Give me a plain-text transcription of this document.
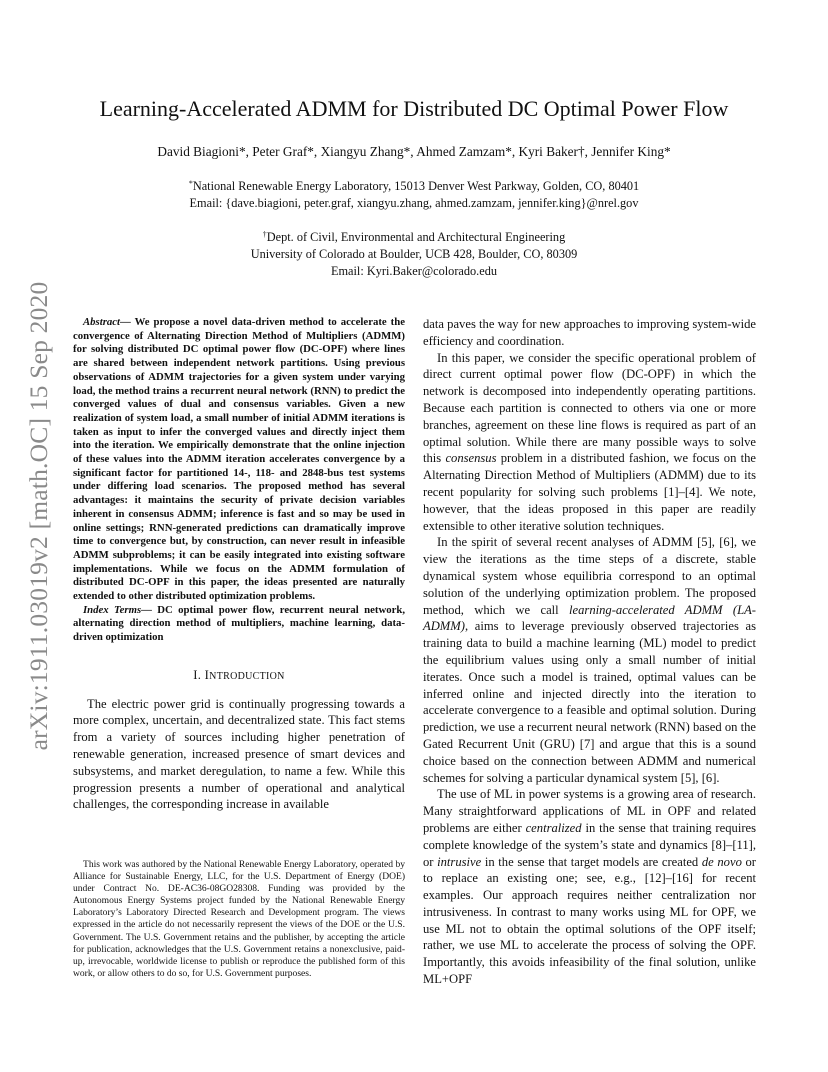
arXiv:1911.03019v2 [math.OC] 15 Sep 2020
Learning-Accelerated ADMM for Distributed DC Optimal Power Flow
David Biagioni*, Peter Graf*, Xiangyu Zhang*, Ahmed Zamzam*, Kyri Baker†, Jennifer King*
*National Renewable Energy Laboratory, 15013 Denver West Parkway, Golden, CO, 80401
Email: {dave.biagioni, peter.graf, xiangyu.zhang, ahmed.zamzam, jennifer.king}@nrel.gov
†Dept. of Civil, Environmental and Architectural Engineering
University of Colorado at Boulder, UCB 428, Boulder, CO, 80309
Email: Kyri.Baker@colorado.edu

Abstract— We propose a novel data-driven method to accelerate the convergence of Alternating Direction Method of Multipliers (ADMM) for solving distributed DC optimal power flow (DC-OPF) where lines are shared between independent network partitions. Using previous observations of ADMM trajectories for a given system under varying load, the method trains a recurrent neural network (RNN) to predict the converged values of dual and consensus variables. Given a new realization of system load, a small number of initial ADMM iterations is taken as input to infer the converged values and directly inject them into the iteration. We empirically demonstrate that the online injection of these values into the ADMM iteration accelerates convergence by a significant factor for partitioned 14-, 118- and 2848-bus test systems under differing load scenarios. The proposed method has several advantages: it maintains the security of private decision variables inherent in consensus ADMM; inference is fast and so may be used in online settings; RNN-generated predictions can dramatically improve time to convergence but, by construction, can never result in infeasible ADMM subproblems; it can be easily integrated into existing software implementations. While we focus on the ADMM formulation of distributed DC-OPF in this paper, the ideas presented are naturally extended to other distributed optimization problems.

Index Terms— DC optimal power flow, recurrent neural network, alternating direction method of multipliers, machine learning, data-driven optimization

I. INTRODUCTION

The electric power grid is continually progressing towards a more complex, uncertain, and decentralized state. This fact stems from a variety of sources including higher penetration of renewable generation, increased presence of smart devices and subsystems, and market deregulation, to name a few. While this progression presents a number of operational and analytical challenges, the corresponding increase in available

This work was authored by the National Renewable Energy Laboratory, operated by Alliance for Sustainable Energy, LLC, for the U.S. Department of Energy (DOE) under Contract No. DE-AC36-08GO28308. Funding was provided by the Autonomous Energy Systems project funded by the National Renewable Energy Laboratory’s Laboratory Directed Research and Development program. The views expressed in the article do not necessarily represent the views of the DOE or the U.S. Government. The U.S. Government retains and the publisher, by accepting the article for publication, acknowledges that the U.S. Government retains a nonexclusive, paid-up, irrevocable, worldwide license to publish or reproduce the published form of this work, or allow others to do so, for U.S. Government purposes.

data paves the way for new approaches to improving system-wide efficiency and coordination.

In this paper, we consider the specific operational problem of direct current optimal power flow (DC-OPF) in which the network is decomposed into independently operating partitions. Because each partition is connected to others via one or more branches, agreement on these line flows is required as part of an optimal solution. While there are many possible ways to solve this consensus problem in a distributed fashion, we focus on the Alternating Direction Method of Multipliers (ADMM) due to its recent popularity for solving such problems [1]–[4]. We note, however, that the ideas proposed in this paper are readily extensible to other iterative solution techniques.

In the spirit of several recent analyses of ADMM [5], [6], we view the iterations as the time steps of a discrete, stable dynamical system whose equilibria correspond to an optimal solution of the underlying optimization problem. The proposed method, which we call learning-accelerated ADMM (LA-ADMM), aims to leverage previously observed trajectories as training data to build a machine learning (ML) model to predict the equilibrium values using only a small number of initial iterates. Once such a model is trained, optimal values can be inferred online and injected directly into the iteration to accelerate convergence to a feasible and optimal solution. During prediction, we use a recurrent neural network (RNN) based on the Gated Recurrent Unit (GRU) [7] and argue that this is a sound choice based on the connection between ADMM and numerical schemes for solving a particular dynamical system [5], [6].

The use of ML in power systems is a growing area of research. Many straightforward applications of ML in OPF and related problems are either centralized in the sense that training requires complete knowledge of the system’s state and dynamics [8]–[11], or intrusive in the sense that target models are created de novo or to replace an existing one; see, e.g., [12]–[16] for recent examples. Our approach requires neither centralization nor intrusiveness. In contrast to many works using ML for OPF, we use ML not to obtain the optimal solutions of the OPF itself; rather, we use ML to accelerate the process of solving the OPF. Importantly, this avoids infeasibility of the final solution, unlike ML+OPF
